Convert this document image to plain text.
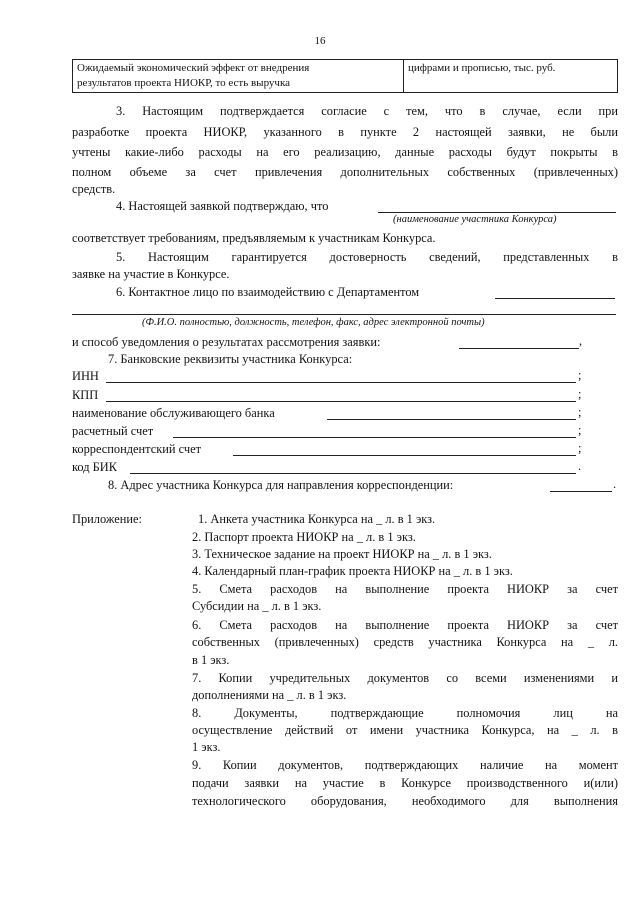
16
Ожидаемый экономический эффект от внедрения
результатов проекта НИОКР, то есть выручка
	цифрами и прописью, тыс. руб.
3. Настоящим подтверждается согласие с тем, что в случае, если при
разработке проекта НИОКР, указанного в пункте 2 настоящей заявки, не были
учтены какие-либо расходы на его реализацию, данные расходы будут покрыты в
полном объеме за счет привлечения дополнительных собственных (привлеченных)
средств.
4. Настоящей заявкой подтверждаю, что
(наименование участника Конкурса)
соответствует требованиям, предъявляемым к участникам Конкурса.
5. Настоящим гарантируется достоверность сведений, представленных в
заявке на участие в Конкурсе.
6. Контактное лицо по взаимодействию с Департаментом
(Ф.И.О. полностью, должность, телефон, факс, адрес электронной почты)
и способ уведомления о результатах рассмотрения заявки:	,
7. Банковские реквизиты участника Конкурса:
ИНН	;
КПП	;
наименование обслуживающего банка	;
расчетный счет	;
корреспондентский счет	;
код БИК	.
8. Адрес участника Конкурса для направления корреспонденции:	.
Приложение:	1. Анкета участника Конкурса на _ л. в 1 экз.
2. Паспорт проекта НИОКР на _ л. в 1 экз.
3. Техническое задание на проект НИОКР на _ л. в 1 экз.
4. Календарный план-график проекта НИОКР на _ л. в 1 экз.
5. Смета расходов на выполнение проекта НИОКР за счет
Субсидии на _ л. в 1 экз.
6. Смета расходов на выполнение проекта НИОКР за счет
собственных (привлеченных) средств участника Конкурса на _ л.
в 1 экз.
7. Копии учредительных документов со всеми изменениями и
дополнениями на _ л. в 1 экз.
8. Документы, подтверждающие полномочия лиц на
осуществление действий от имени участника Конкурса, на _ л. в
1 экз.
9. Копии документов, подтверждающих наличие на момент
подачи заявки на участие в Конкурсе производственного и(или)
технологического оборудования, необходимого для выполнения
